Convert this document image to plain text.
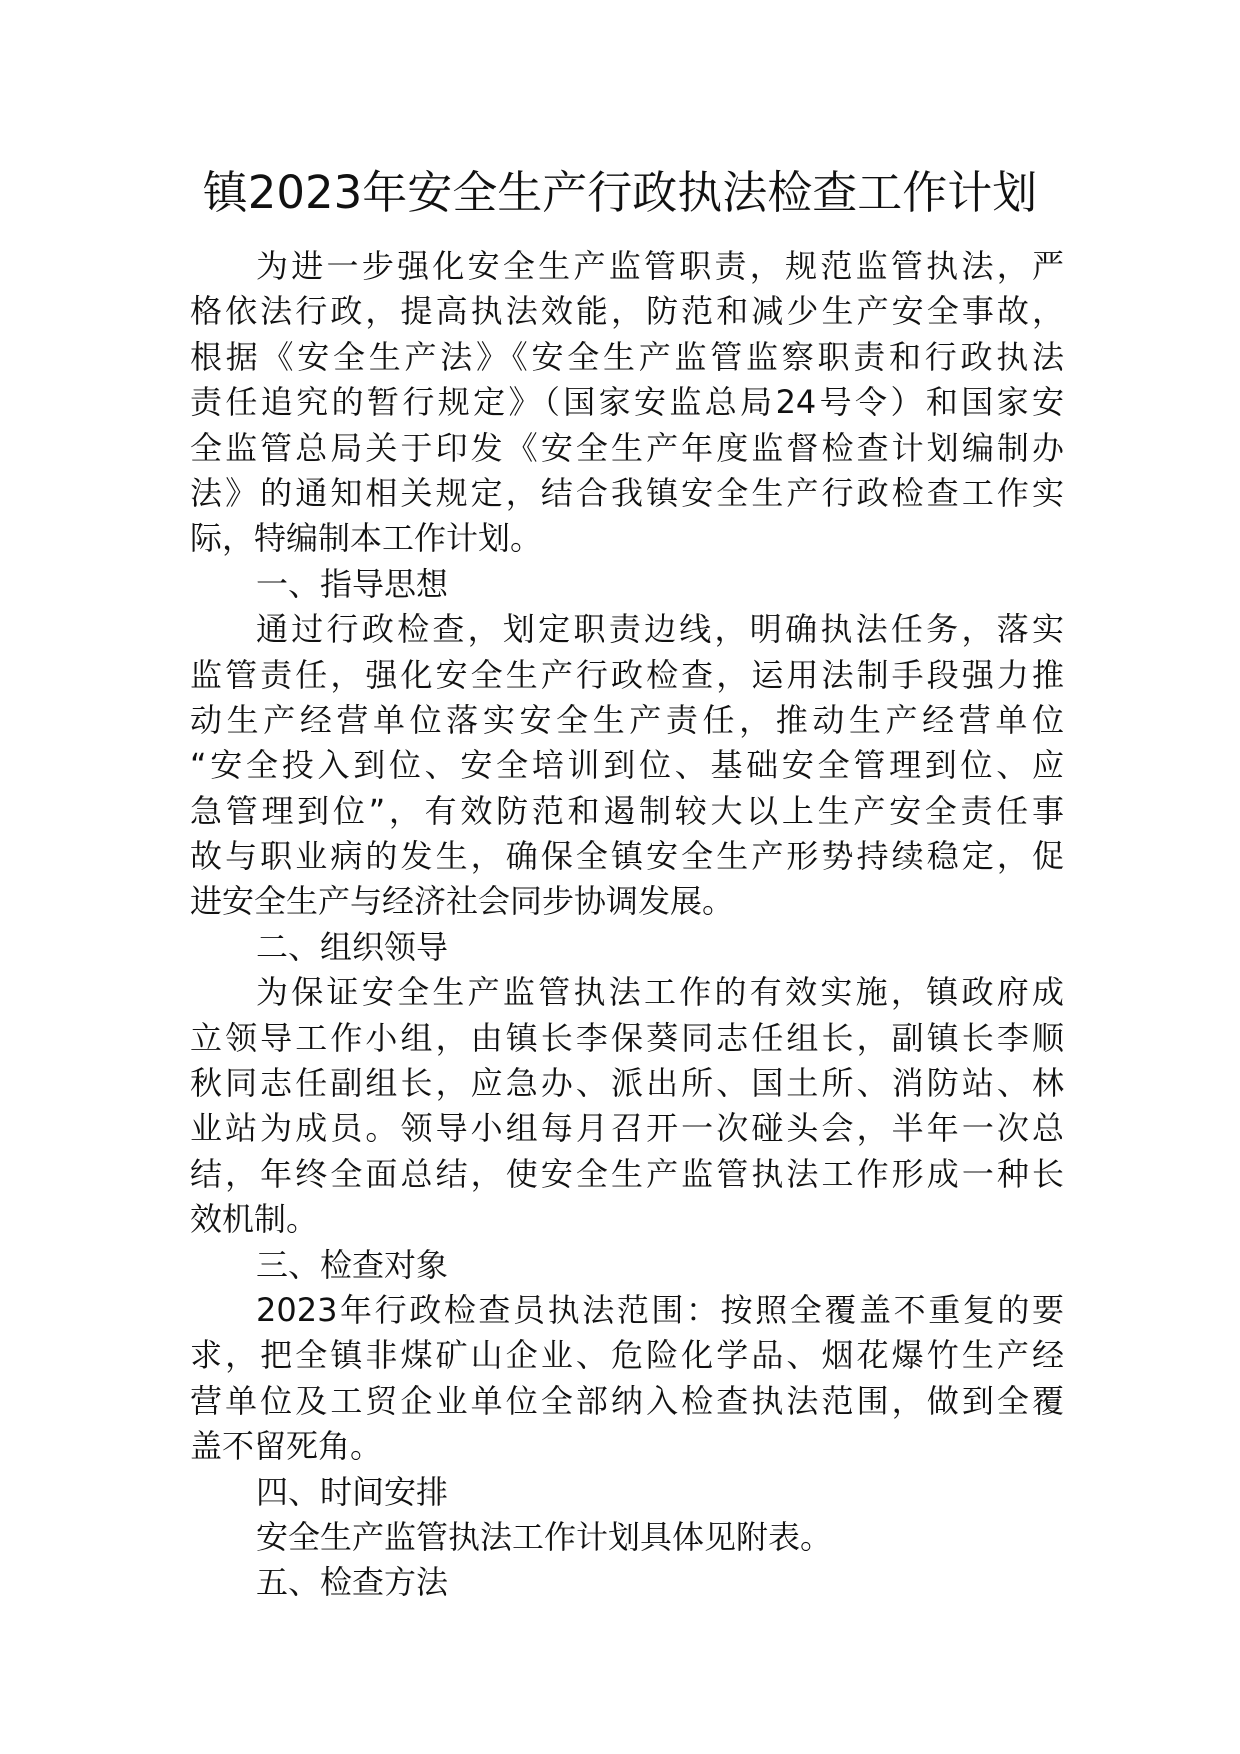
镇2023年安全生产行政执法检查工作计划
为进一步强化安全生产监管职责，规范监管执法，严
格依法行政，提高执法效能，防范和减少生产安全事故，
根据《安全生产法》《安全生产监管监察职责和行政执法
责任追究的暂行规定》（国家安监总局24号令）和国家安
全监管总局关于印发《安全生产年度监督检查计划编制办
法》的通知相关规定，结合我镇安全生产行政检查工作实
际，特编制本工作计划。
一、指导思想
通过行政检查，划定职责边线，明确执法任务，落实
监管责任，强化安全生产行政检查，运用法制手段强力推
动生产经营单位落实安全生产责任，推动生产经营单位
“安全投入到位、安全培训到位、基础安全管理到位、应
急管理到位”，有效防范和遏制较大以上生产安全责任事
故与职业病的发生，确保全镇安全生产形势持续稳定，促
进安全生产与经济社会同步协调发展。
二、组织领导
为保证安全生产监管执法工作的有效实施，镇政府成
立领导工作小组，由镇长李保葵同志任组长，副镇长李顺
秋同志任副组长，应急办、派出所、国土所、消防站、林
业站为成员。领导小组每月召开一次碰头会，半年一次总
结，年终全面总结，使安全生产监管执法工作形成一种长
效机制。
三、检查对象
2023年行政检查员执法范围：按照全覆盖不重复的要
求，把全镇非煤矿山企业、危险化学品、烟花爆竹生产经
营单位及工贸企业单位全部纳入检查执法范围，做到全覆
盖不留死角。
四、时间安排
安全生产监管执法工作计划具体见附表。
五、检查方法
